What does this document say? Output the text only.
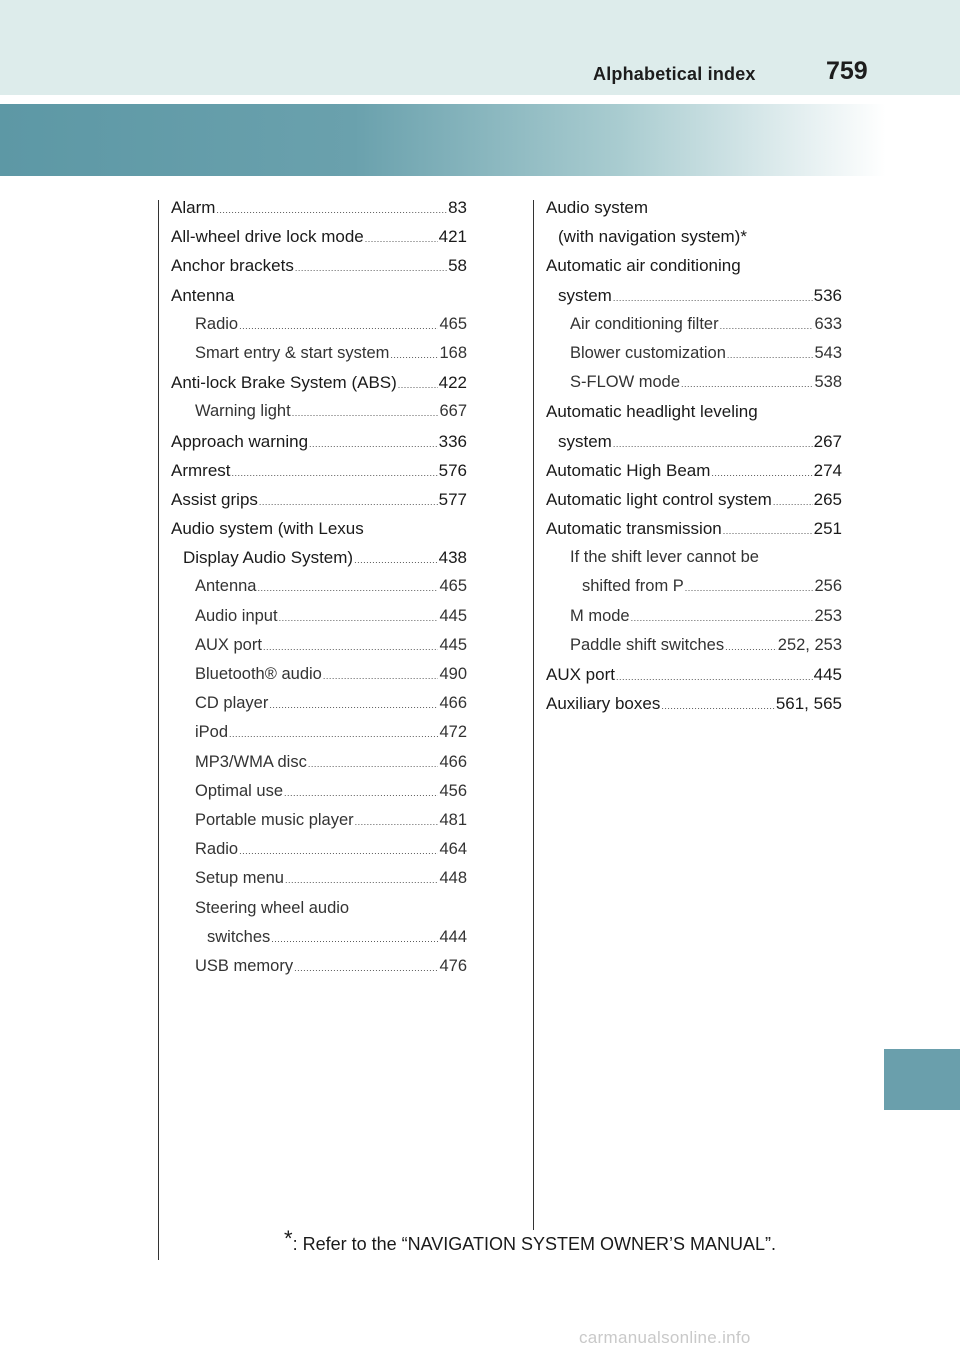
Alphabetical index	759
Alarm .....	83
All-wheel drive lock mode .....	421
Anchor brackets .....	58
Antenna
Radio .....	465
Smart entry & start system .....	168
Anti-lock Brake System (ABS) ..... 422
Warning light .....	667
Approach warning .....	336
Armrest .....	576
Assist grips .....	577
Audio system (with Lexus
Display Audio System) .....	438
Antenna .....	465
Audio input .....	445
AUX port .....	445
Bluetooth® audio .....	490
CD player .....	466
iPod .....	472
MP3/WMA disc .....	466
Optimal use .....	456
Portable music player .....	481
Radio .....	464
Setup menu .....	448
Steering wheel audio
switches .....	444
USB memory .....	476
Audio system
(with navigation system)*
Automatic air conditioning
system .....	536
Air conditioning filter .....	633
Blower customization .....	543
S-FLOW mode .....	538
Automatic headlight leveling
system .....	267
Automatic High Beam .....	274
Automatic light control system ..... 265
Automatic transmission .....	251
If the shift lever cannot be
shifted from P .....	256
M mode .....	253
Paddle shift switches .....	252, 253
AUX port .....	445
Auxiliary boxes .....	561, 565
*: Refer to the “NAVIGATION SYSTEM OWNER’S MANUAL”.
carmanualsonline.info
